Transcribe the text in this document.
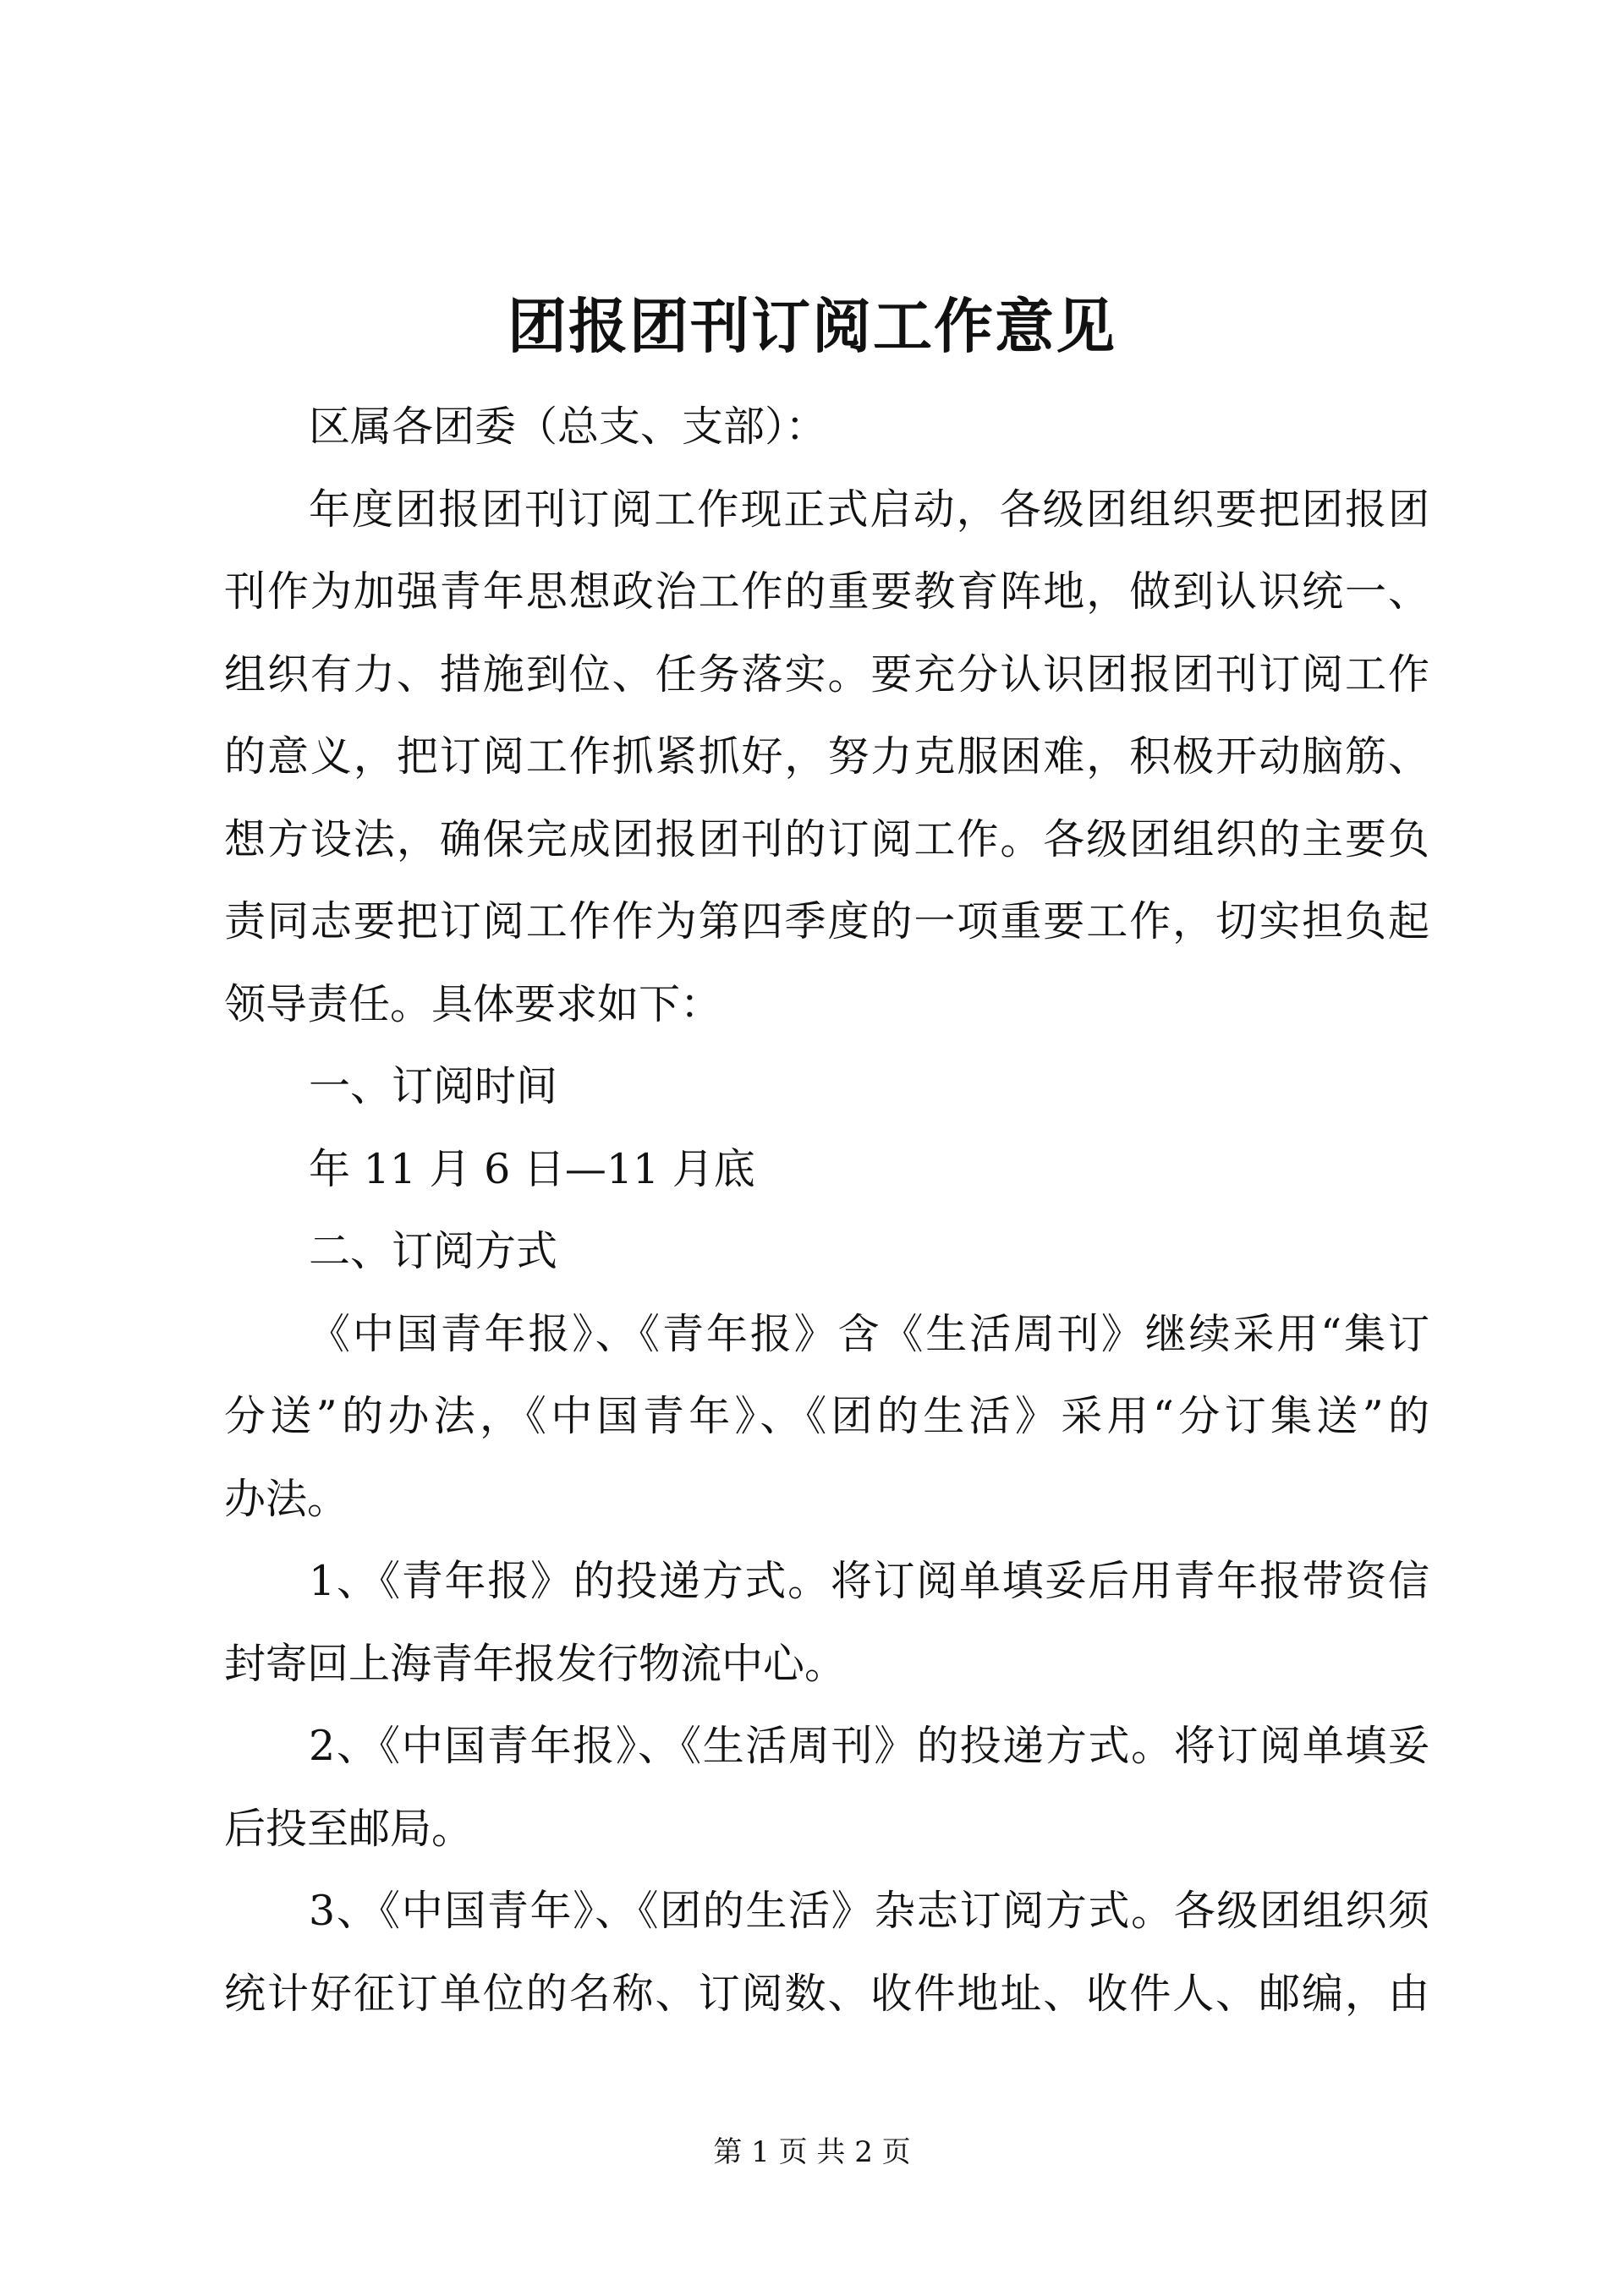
团报团刊订阅工作意见
区属各团委（总支、支部）：
年度团报团刊订阅工作现正式启动，各级团组织要把团报团
刊作为加强青年思想政治工作的重要教育阵地，做到认识统一、
组织有力、措施到位、任务落实。要充分认识团报团刊订阅工作
的意义，把订阅工作抓紧抓好，努力克服困难，积极开动脑筋、
想方设法，确保完成团报团刊的订阅工作。各级团组织的主要负
责同志要把订阅工作作为第四季度的一项重要工作，切实担负起
领导责任。具体要求如下：
一、订阅时间
年 11 月 6 日—11 月底
二、订阅方式
《中国青年报》、《青年报》含《生活周刊》继续采用“集订
分送”的办法，《中国青年》、《团的生活》采用“分订集送”的
办法。
1、《青年报》的投递方式。将订阅单填妥后用青年报带资信
封寄回上海青年报发行物流中心。
2、《中国青年报》、《生活周刊》的投递方式。将订阅单填妥
后投至邮局。
3、《中国青年》、《团的生活》杂志订阅方式。各级团组织须
统计好征订单位的名称、订阅数、收件地址、收件人、邮编，由
第 1 页 共 2 页
